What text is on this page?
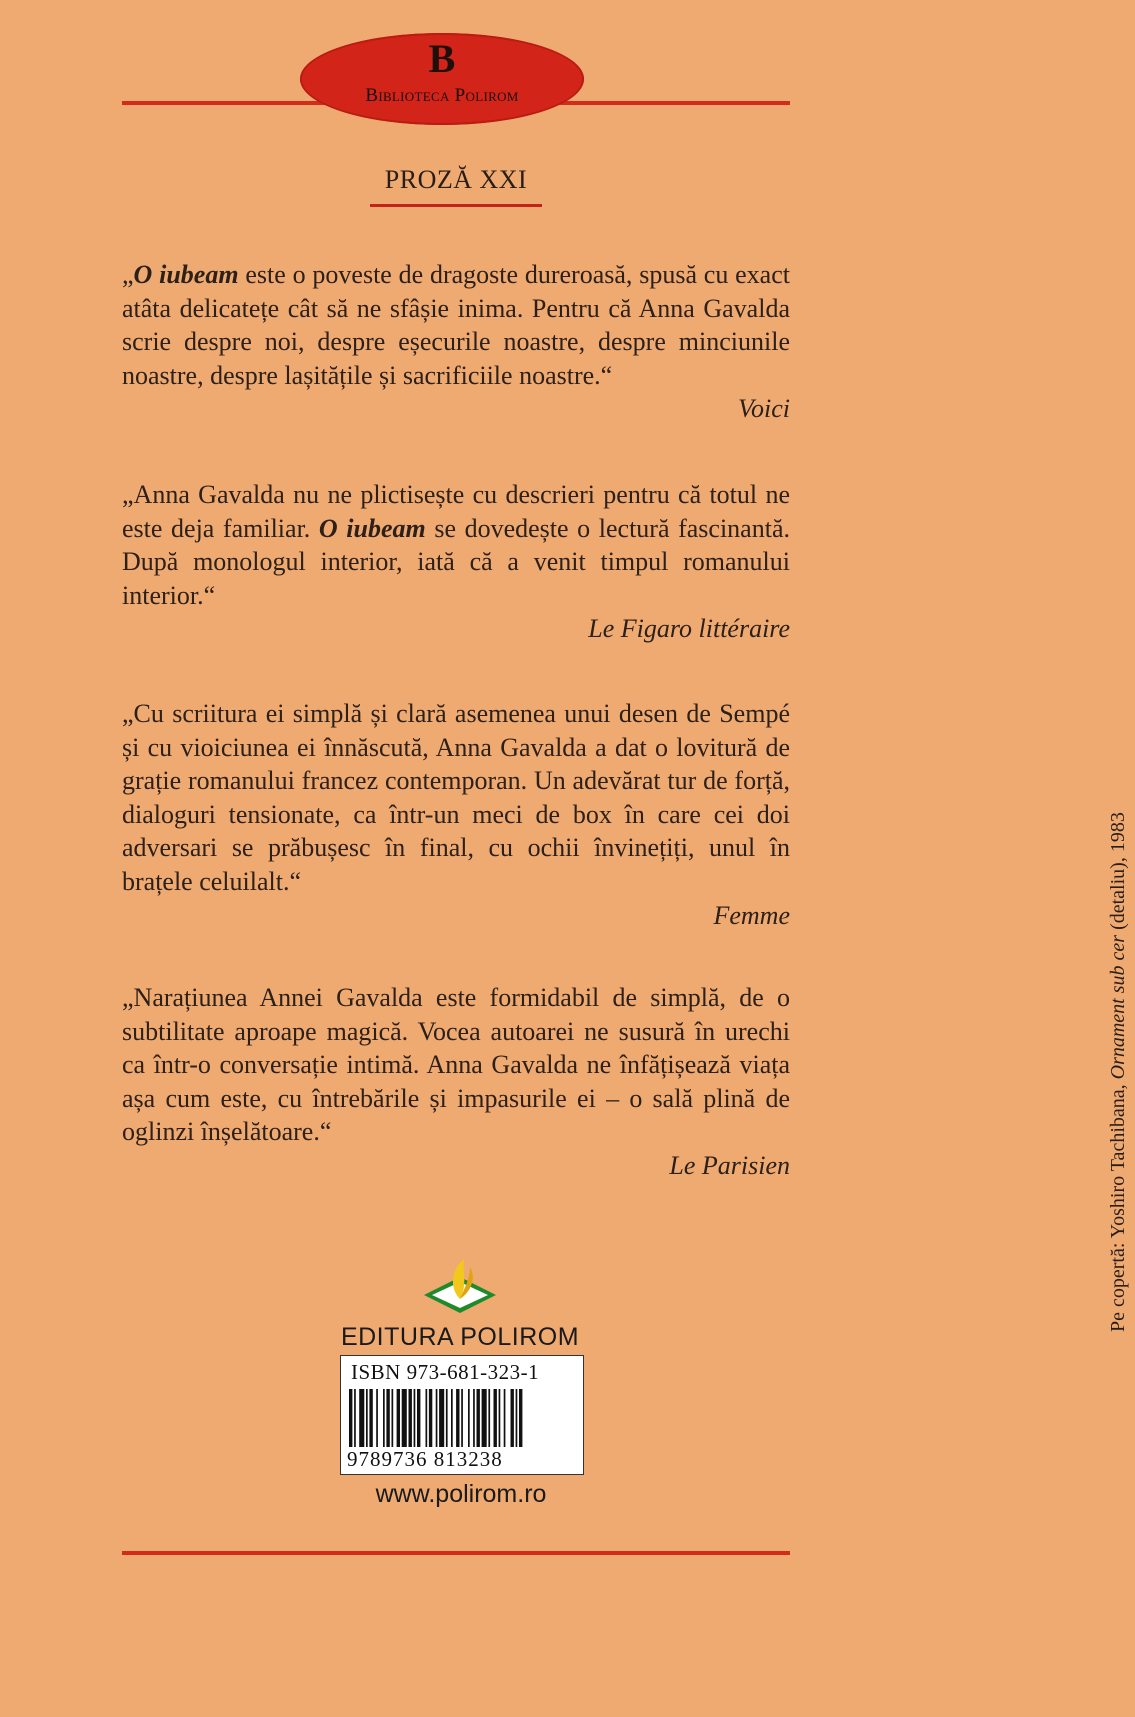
B
Biblioteca Polirom
PROZĂ XXI

„O iubeam este o poveste de dragoste dureroasă, spusă cu exact atâta delicatețe cât să ne sfâșie inima. Pentru că Anna Gavalda scrie despre noi, despre eșecurile noastre, despre minciunile noastre, despre lașitățile și sacrificiile noastre.“

Voici

„Anna Gavalda nu ne plictisește cu descrieri pentru că totul ne este deja familiar. O iubeam se dovedește o lectură fascinantă. După monologul interior, iată că a venit timpul romanului interior.“

Le Figaro littéraire

„Cu scriitura ei simplă și clară asemenea unui desen de Sempé și cu vioiciunea ei înnăscută, Anna Gavalda a dat o lovitură de grație romanului francez contemporan. Un adevărat tur de forță, dialoguri tensionate, ca într-un meci de box în care cei doi adversari se prăbușesc în final, cu ochii învinețiți, unul în brațele celuilalt.“

Femme

„Narațiunea Annei Gavalda este formidabil de simplă, de o subtilitate aproape magică. Vocea autoarei ne susură în urechi ca într-o conversație intimă. Anna Gavalda ne înfățișează viața așa cum este, cu întrebările și impasurile ei – o sală plină de oglinzi înșelătoare.“

Le Parisien
EDITURA POLIROM
ISBN 973-681-323-1
9789736 813238
www.polirom.ro
Pe copertă: Yoshiro Tachibana, Ornament sub cer (detaliu), 1983
